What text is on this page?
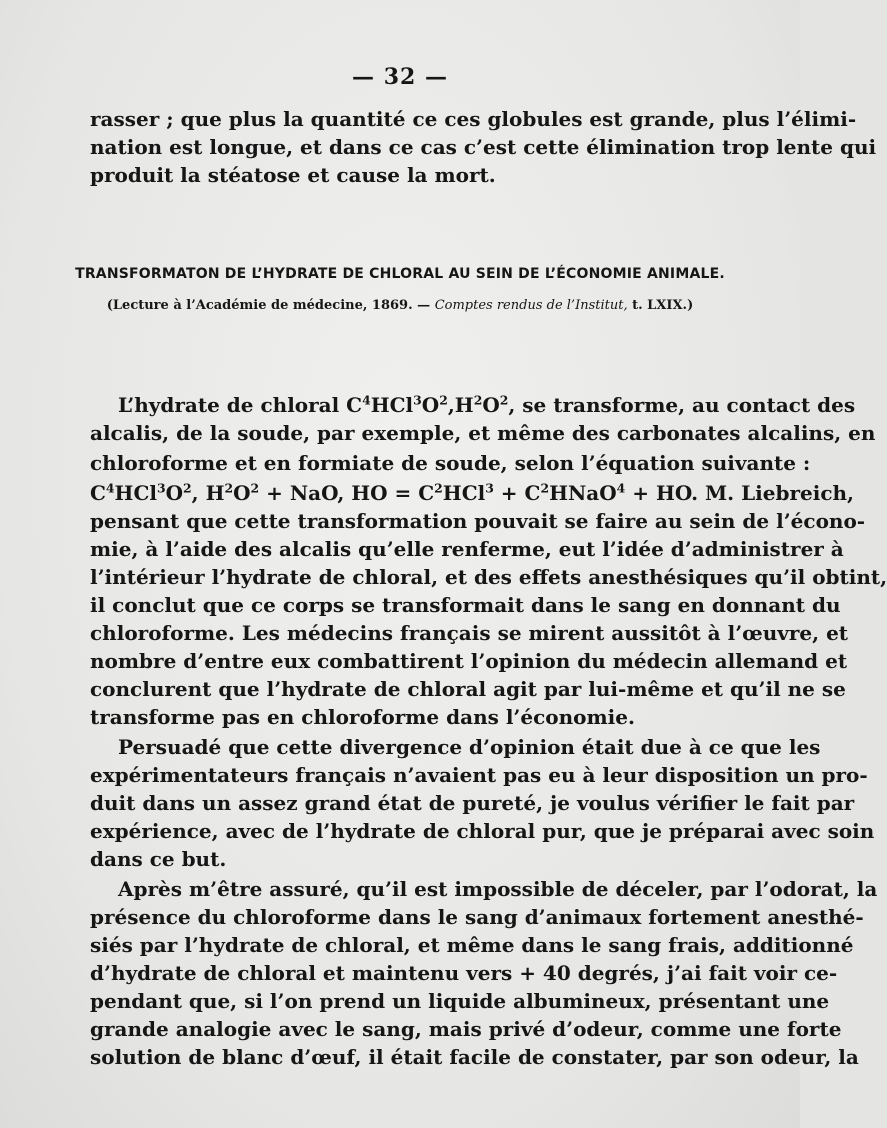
— 32 —
rasser ; que plus la quantité ce ces globules est grande, plus l’élimi-
nation est longue, et dans ce cas c’est cette élimination trop lente qui
produit la stéatose et cause la mort.
TRANSFORMATON DE L’HYDRATE DE CHLORAL AU SEIN DE L’ÉCONOMIE ANIMALE.
(Lecture à l’Académie de médecine, 1869. — Comptes rendus de l’Institut, t. LXIX.)
L’hydrate de chloral $C^4HCl^3O^2,H^2O^2$, se transforme, au contact des
alcalis, de la soude, par exemple, et même des carbonates alcalins, en
chloroforme et en formiate de soude, selon l’équation suivante :
$C^4HCl^3O^2$, $H^2O^2$ + NaO, HO = $C^2HCl^3$ + $C^2HNaO^4$ + HO. M. Liebreich,
pensant que cette transformation pouvait se faire au sein de l’écono-
mie, à l’aide des alcalis qu’elle renferme, eut l’idée d’administrer à
l’intérieur l’hydrate de chloral, et des effets anesthésiques qu’il obtint,
il conclut que ce corps se transformait dans le sang en donnant du
chloroforme. Les médecins français se mirent aussitôt à l’œuvre, et
nombre d’entre eux combattirent l’opinion du médecin allemand et
conclurent que l’hydrate de chloral agit par lui-même et qu’il ne se
transforme pas en chloroforme dans l’économie.
Persuadé que cette divergence d’opinion était due à ce que les
expérimentateurs français n’avaient pas eu à leur disposition un pro-
duit dans un assez grand état de pureté, je voulus vérifier le fait par
expérience, avec de l’hydrate de chloral pur, que je préparai avec soin
dans ce but.
Après m’être assuré, qu’il est impossible de déceler, par l’odorat, la
présence du chloroforme dans le sang d’animaux fortement anesthé-
siés par l’hydrate de chloral, et même dans le sang frais, additionné
d’hydrate de chloral et maintenu vers + 40 degrés, j’ai fait voir ce-
pendant que, si l’on prend un liquide albumineux, présentant une
grande analogie avec le sang, mais privé d’odeur, comme une forte
solution de blanc d’œuf, il était facile de constater, par son odeur, la
